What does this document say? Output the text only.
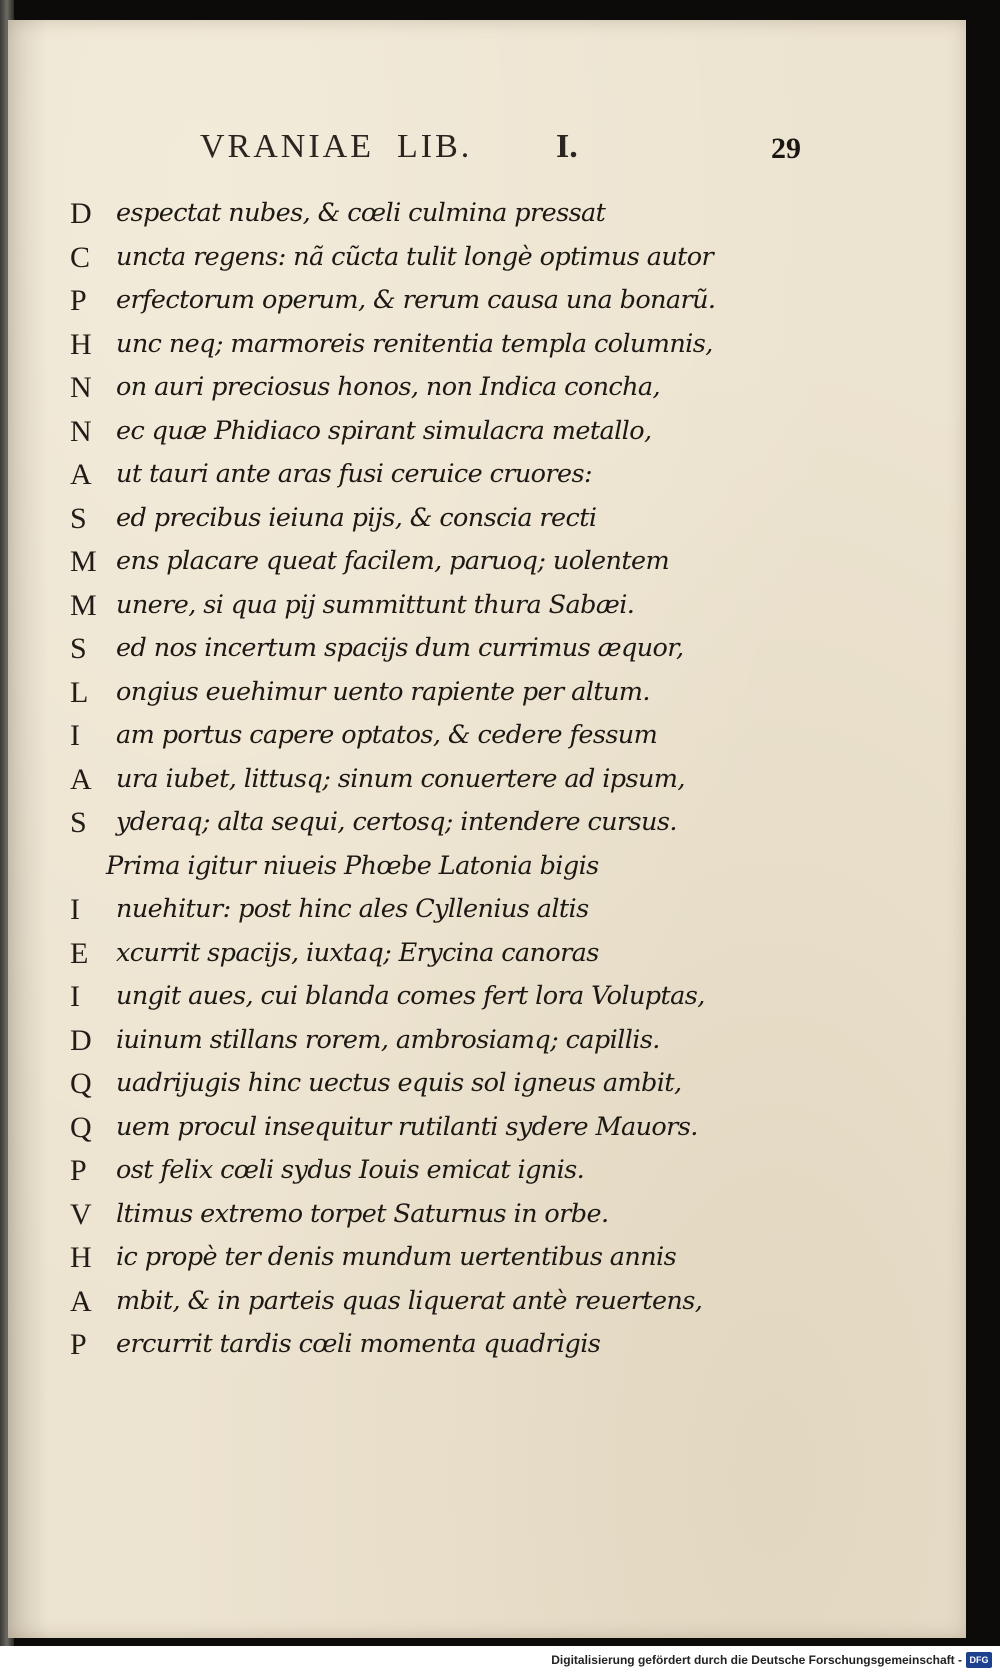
VRANIAE  LIB. I.	29
D espectat nubes, & cœli culmina pressat
C	uncta regens: nã cũcta tulit longè optimus autor
P	erfectorum operum, & rerum causa una bonarũ.
H unc neq; marmoreis renitentia templa columnis,
N on auri preciosus honos, non Indica concha,
N ec quæ Phidiaco spirant simulacra metallo,
A ut tauri ante aras fusi ceruice cruores:
S	ed precibus ieiuna pijs, & conscia recti
M ens placare queat facilem, paruoq; uolentem
M unere, si qua pij summittunt thura Sabæi.
S	ed nos incertum spacijs dum currimus æquor,
L	ongius euehimur uento rapiente per altum.
I	am portus capere optatos, & cedere fessum
A ura iubet, littusq; sinum conuertere ad ipsum,
S	yderaq; alta sequi, certosq; intendere cursus.
Prima igitur niueis Phœbe Latonia bigis
I	nuehitur: post hinc ales Cyllenius altis
E	xcurrit spacijs, iuxtaq; Erycina canoras
I	ungit aues, cui blanda comes fert lora Voluptas,
D iuinum stillans rorem, ambrosiamq; capillis.
Q uadrijugis hinc uectus equis sol igneus ambit,
Q uem procul insequitur rutilanti sydere Mauors.
P	ost felix cœli sydus Iouis emicat ignis.
V ltimus extremo torpet Saturnus in orbe.
H ic propè ter denis mundum uertentibus annis
A mbit, & in parteis quas liquerat antè reuertens,
P	ercurrit tardis cœli momenta quadrigis
Digitalisierung gefördert durch die Deutsche Forschungsgemeinschaft - DFG
